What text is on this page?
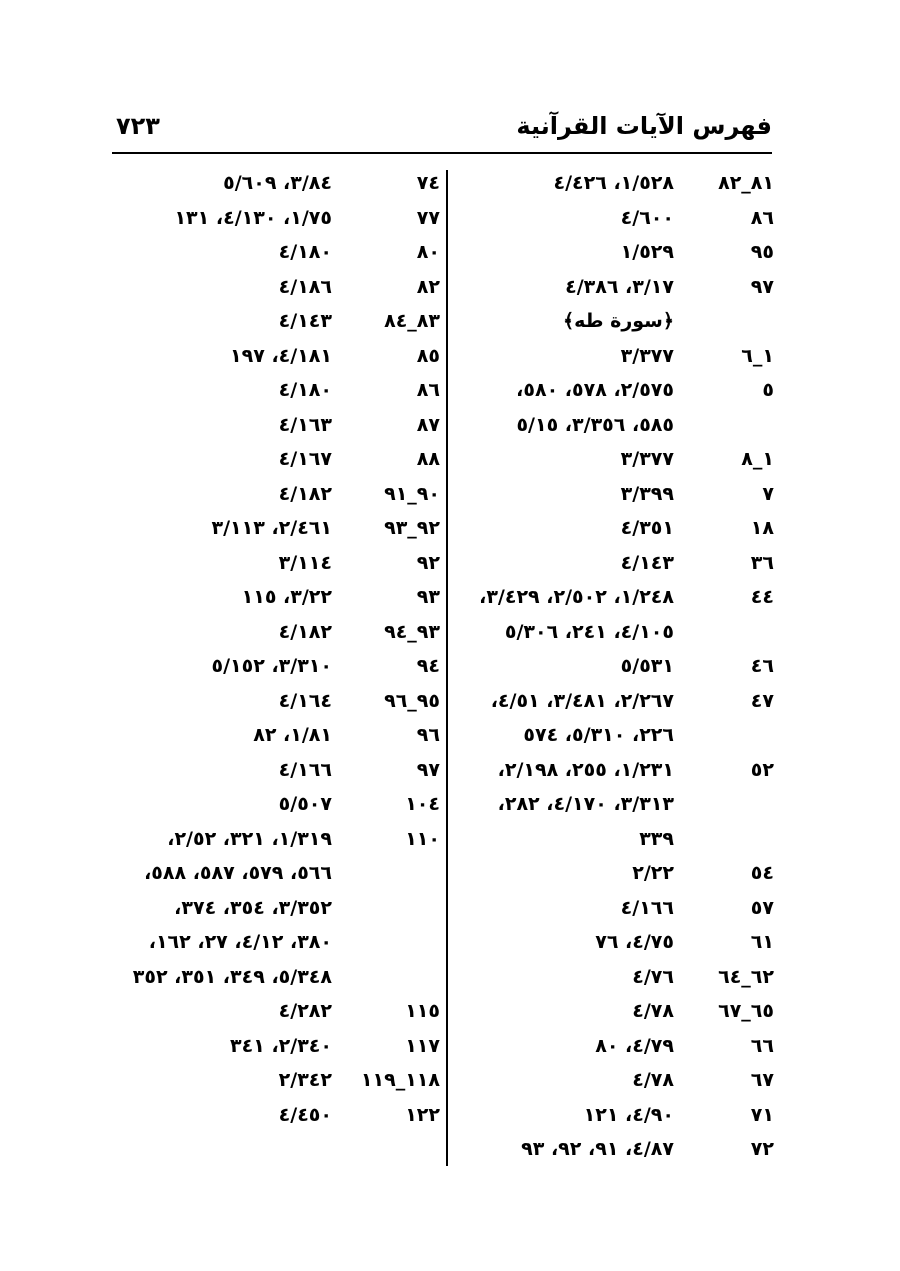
فهرس الآيات القرآنية
٧٢٣
٨١_٨٢
١/٥٢٨، ٤/٤٢٦
٨٦
٤/٦٠٠
٩٥
١/٥٢٩
٩٧
٣/١٧، ٤/٣٨٦
﴿سورة طه﴾
١_٦
٣/٣٧٧
٥
٢/٥٧٥، ٥٧٨، ٥٨٠،
٥٨٥، ٣/٣٥٦، ٥/١٥
١_٨
٣/٣٧٧
٧
٣/٣٩٩
١٨
٤/٣٥١
٣٦
٤/١٤٣
٤٤
١/٢٤٨، ٢/٥٠٢، ٣/٤٢٩،
٤/١٠٥، ٢٤١، ٥/٣٠٦
٤٦
٥/٥٣١
٤٧
٢/٢٦٧، ٣/٤٨١، ٤/٥١،
٢٢٦، ٥/٣١٠، ٥٧٤
٥٢
١/٢٣١، ٢٥٥، ٢/١٩٨،
٣/٣١٣، ٤/١٧٠، ٢٨٢،
٣٣٩
٥٤
٢/٢٢
٥٧
٤/١٦٦
٦١
٤/٧٥، ٧٦
٦٢_٦٤
٤/٧٦
٦٥_٦٧
٤/٧٨
٦٦
٤/٧٩، ٨٠
٦٧
٤/٧٨
٧١
٤/٩٠، ١٢١
٧٢
٤/٨٧، ٩١، ٩٢، ٩٣
٧٤
٣/٨٤، ٥/٦٠٩
٧٧
١/٧٥، ٤/١٣٠، ١٣١
٨٠
٤/١٨٠
٨٢
٤/١٨٦
٨٣_٨٤
٤/١٤٣
٨٥
٤/١٨١، ١٩٧
٨٦
٤/١٨٠
٨٧
٤/١٦٣
٨٨
٤/١٦٧
٩٠_٩١
٤/١٨٢
٩٢_٩٣
٢/٤٦١، ٣/١١٣
٩٢
٣/١١٤
٩٣
٣/٢٢، ١١٥
٩٣_٩٤
٤/١٨٢
٩٤
٣/٣١٠، ٥/١٥٢
٩٥_٩٦
٤/١٦٤
٩٦
١/٨١، ٨٢
٩٧
٤/١٦٦
١٠٤
٥/٥٠٧
١١٠
١/٣١٩، ٣٢١، ٢/٥٢،
٥٦٦، ٥٧٩، ٥٨٧، ٥٨٨،
٣/٣٥٢، ٣٥٤، ٣٧٤،
٣٨٠، ٤/١٢، ٢٧، ١٦٢،
٥/٣٤٨، ٣٤٩، ٣٥١، ٣٥٢
١١٥
٤/٢٨٢
١١٧
٢/٣٤٠، ٣٤١
١١٨_١١٩
٢/٣٤٢
١٢٢
٤/٤٥٠
